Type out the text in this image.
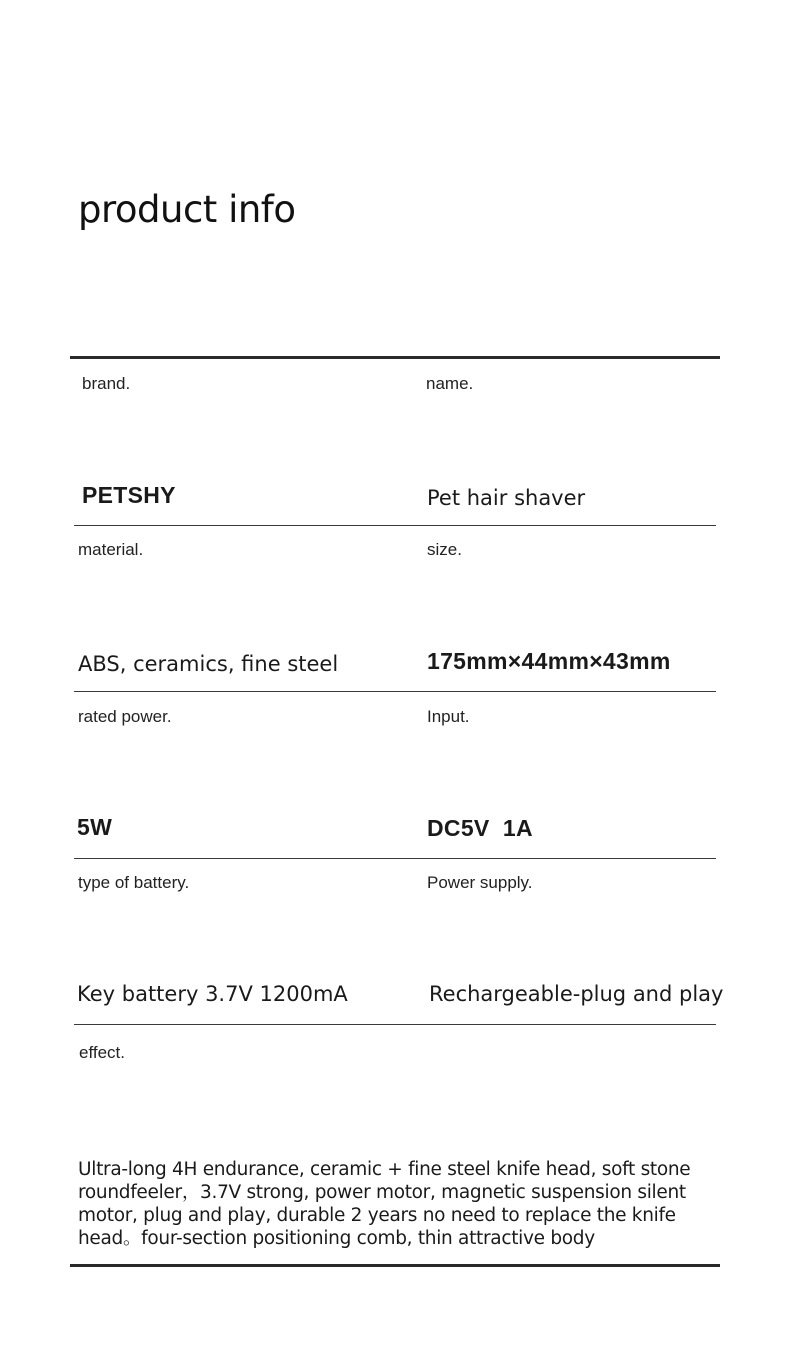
product info
brand.	name.
PETSHY	Pet hair shaver
material.	size.
ABS, ceramics, fine steel	175mm×44mm×43mm
rated power.	Input.
5W	DC5V  1A
type of battery.	Power supply.
Key battery 3.7V 1200mA	Rechargeable-plug and play
effect.
Ultra-long 4H endurance, ceramic + fine steel knife head, soft stone roundfeeler，3.7V strong, power motor, magnetic suspension silent motor, plug and play, durable 2 years no need to replace the knife head。four-section positioning comb, thin attractive body
